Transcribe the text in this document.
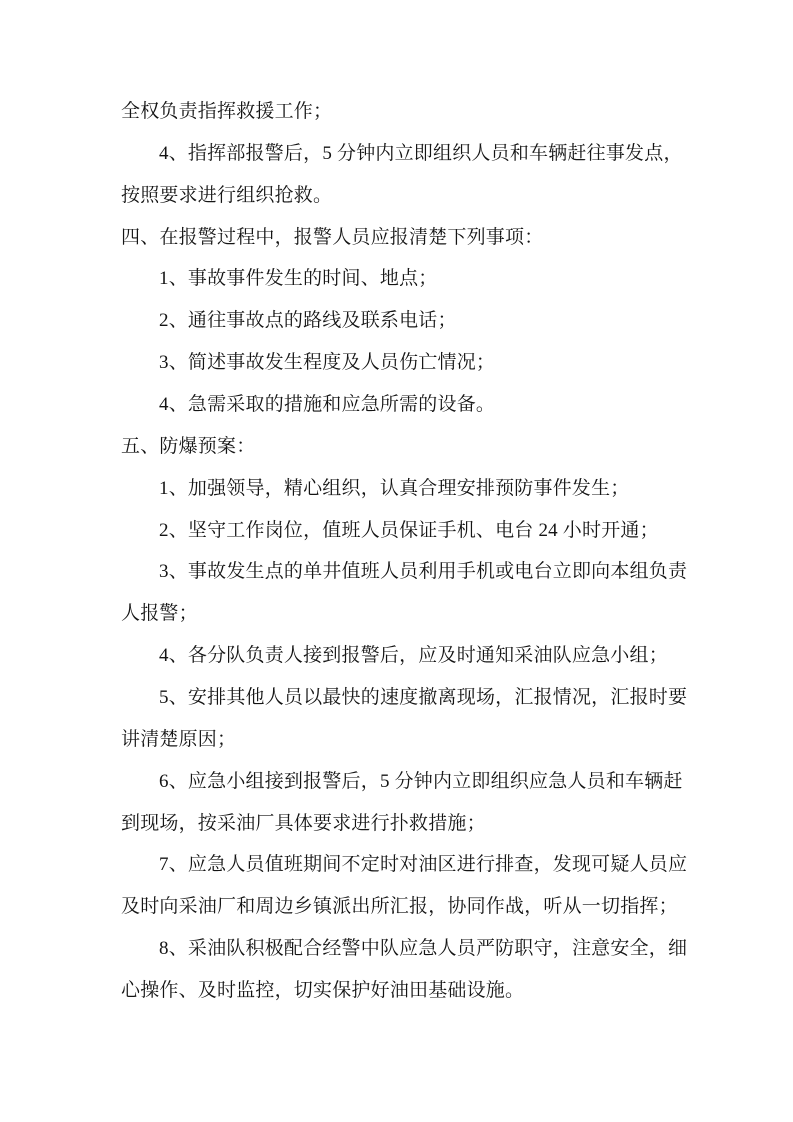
全权负责指挥救援工作；
4 、 指 挥 部 报 警 后 ， 5
分 钟 内 立 即 组 织 人 员 和 车 辆 赶 往 事 发 点 ，
按照要求进行组织抢救。
四、在报警过程中，报警人员应报清楚下列事项：
1、事故事件发生的时间、地点；
2、通往事故点的路线及联系电话；
3、简述事故发生程度及人员伤亡情况；
4、急需采取的措施和应急所需的设备。
五、防爆预案：
1、加强领导，精心组织，认真合理安排预防事件发生；
2、坚守工作岗位，值班人员保证手机、电台 24 小时开通；
3 、 事 故 发 生 点 的 单 井 值 班 人 员 利 用 手 机 或 电 台 立 即 向 本 组 负 责
人报警；
4、各分队负责人接到报警后，应及时通知采油队应急小组；
5 、 安 排 其 他 人 员 以 最 快 的 速 度 撤 离 现 场 ， 汇 报 情 况 ， 汇 报 时 要
讲清楚原因；
6 、 应 急 小 组 接 到 报 警 后 ， 5
分 钟 内 立 即 组 织 应 急 人 员 和 车 辆 赶
到现场，按采油厂具体要求进行扑救措施；
7 、 应 急 人 员 值 班 期 间 不 定 时 对 油 区 进 行 排 查 ， 发 现 可 疑 人 员 应
及时向采油厂和周边乡镇派出所汇报，协同作战，听从一切指挥；
8 、 采 油 队 积 极 配 合 经 警 中 队 应 急 人 员 严 防 职 守 ， 注 意 安 全 ， 细
心操作、及时监控，切实保护好油田基础设施。
